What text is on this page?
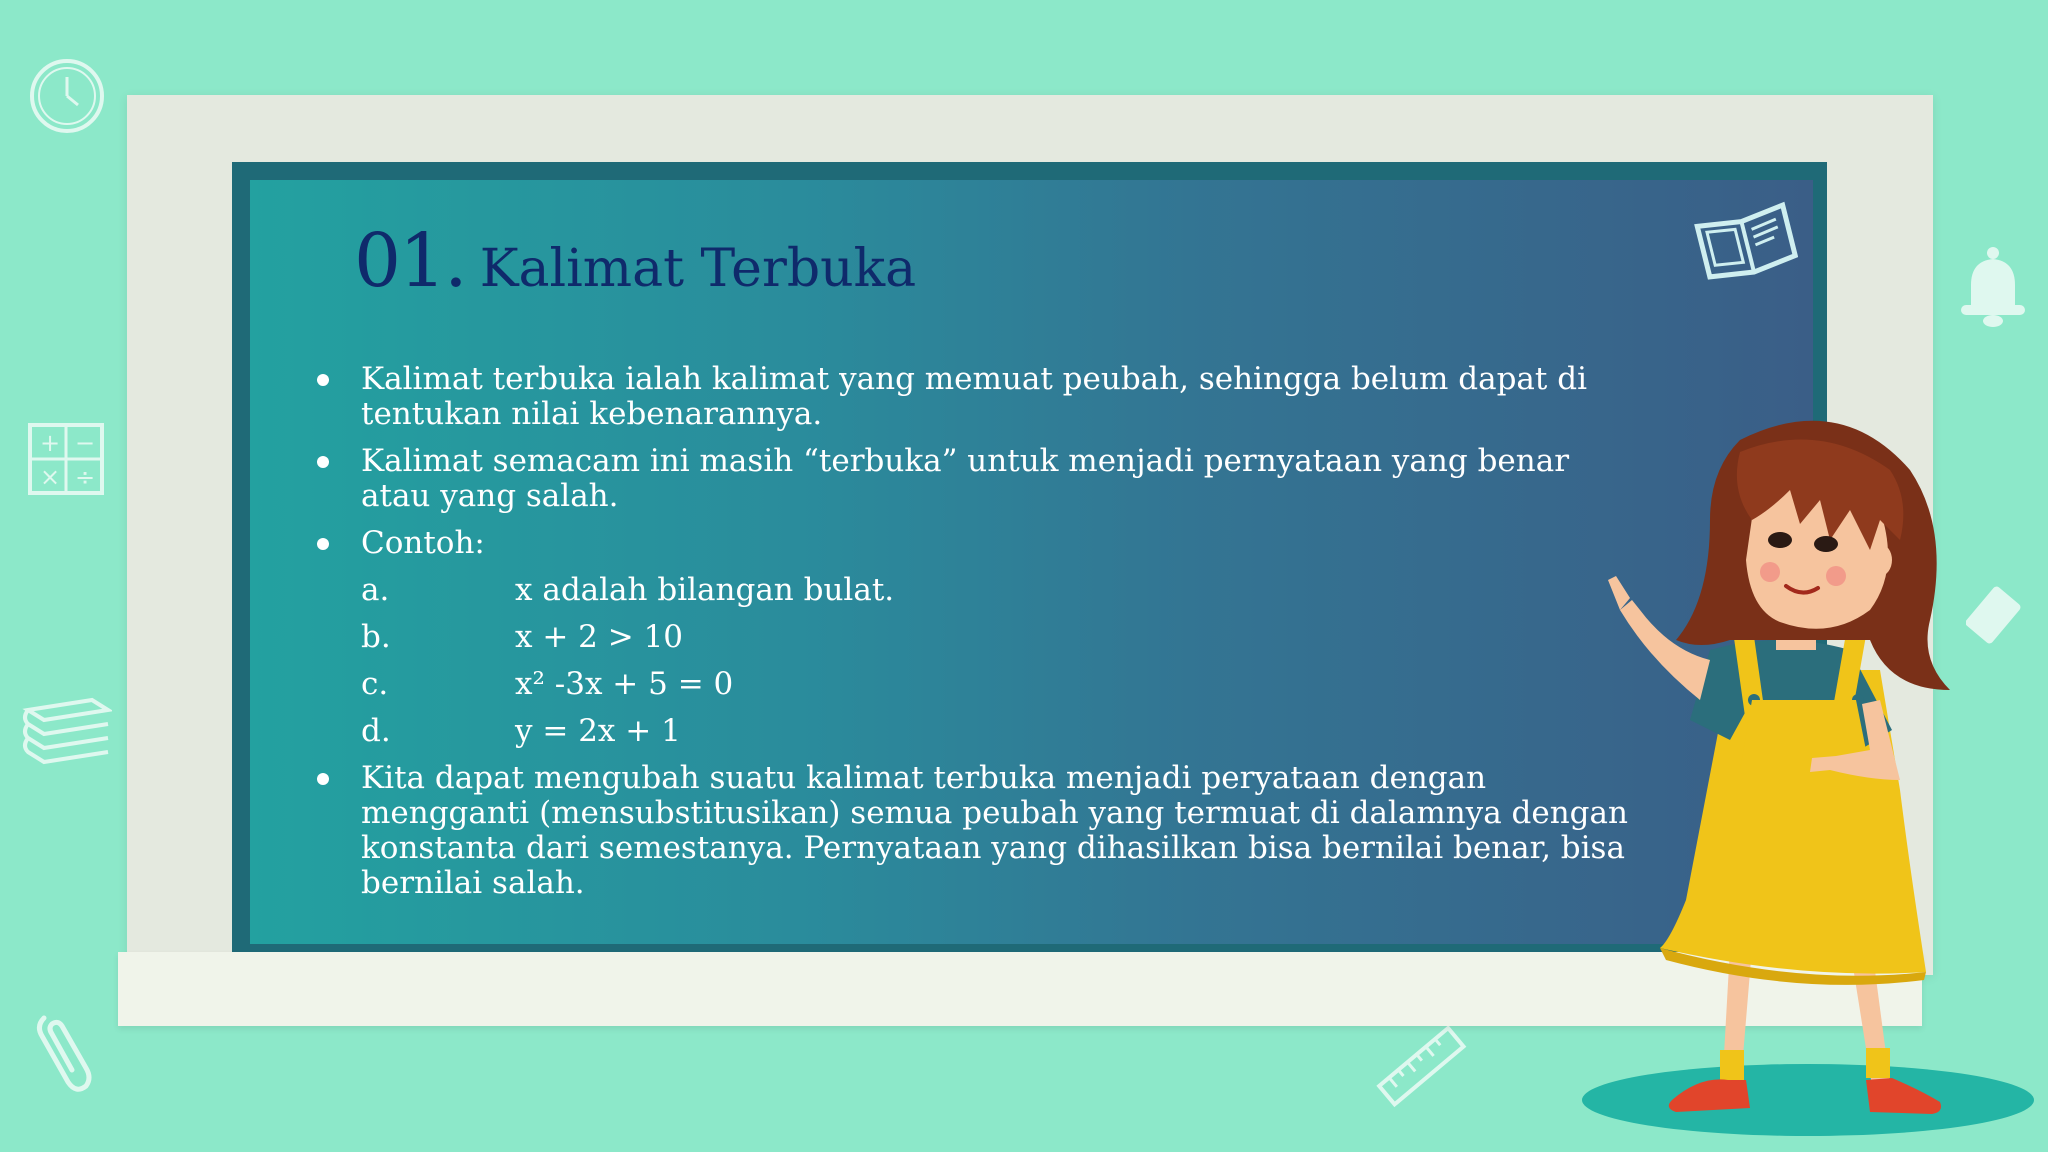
+ −
× ÷
01. Kalimat Terbuka
Kalimat terbuka ialah kalimat yang memuat peubah, sehingga belum dapat di tentukan nilai kebenarannya.
Kalimat semacam ini masih “terbuka” untuk menjadi pernyataan yang benar atau yang salah.
Contoh:
a.	x adalah bilangan bulat.
b.	x + 2 > 10
c.	x² -3x + 5 = 0
d.	y = 2x + 1
Kita dapat mengubah suatu kalimat terbuka menjadi peryataan dengan mengganti (mensubstitusikan) semua peubah yang termuat di dalamnya dengan konstanta dari semestanya. Pernyataan yang dihasilkan bisa bernilai benar, bisa bernilai salah.
